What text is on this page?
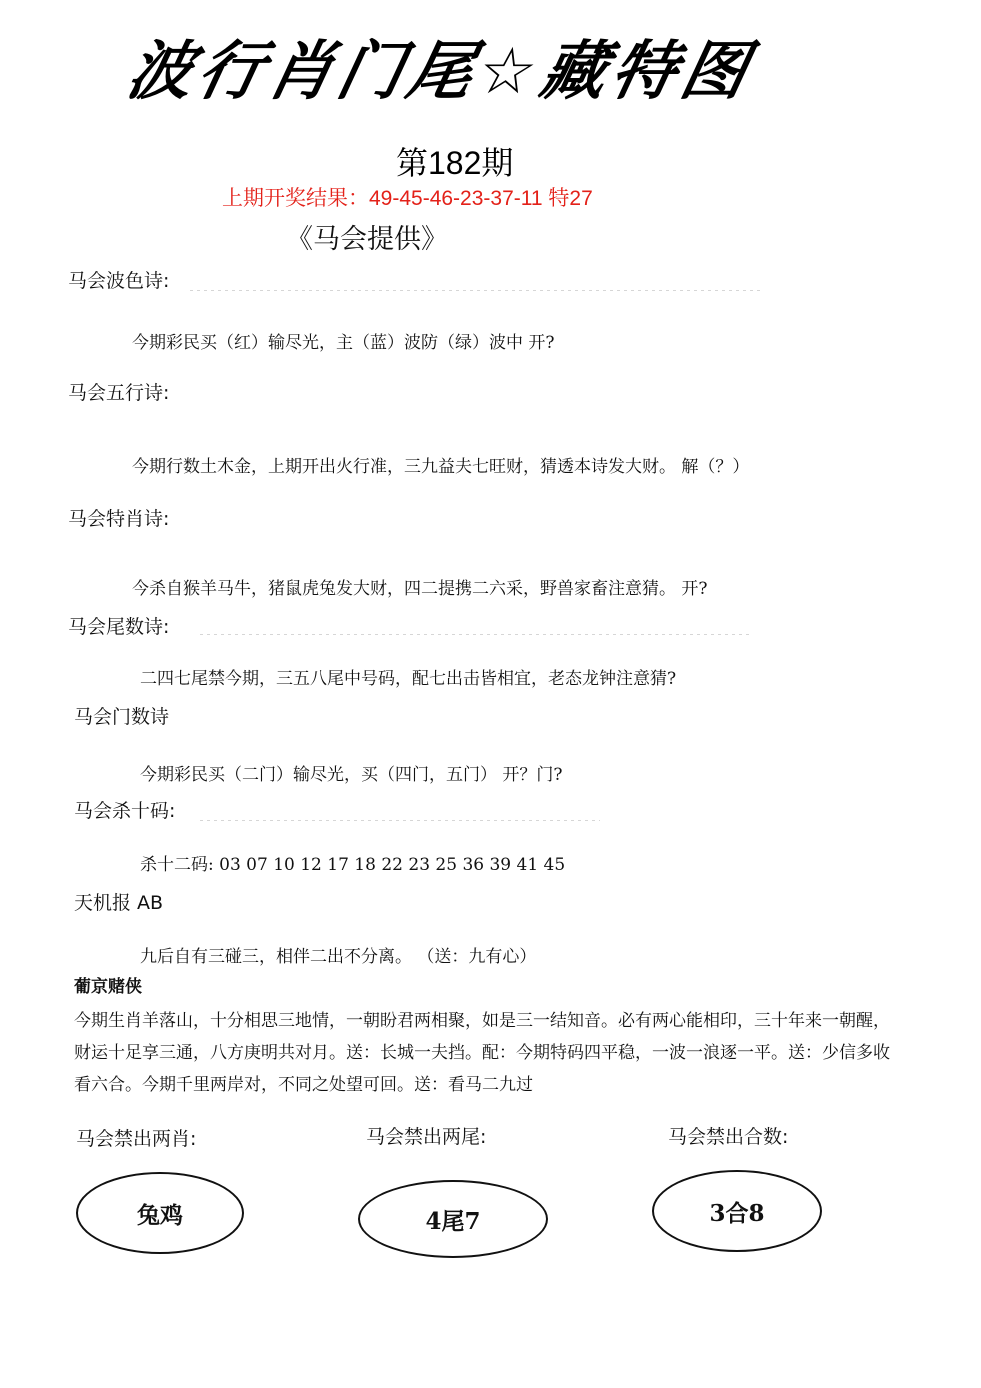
波行肖门尾☆藏特图
第182期
上期开奖结果：49-45-46-23-37-11 特27
《马会提供》
马会波色诗:
今期彩民买（红）输尽光，主（蓝）波防（绿）波中 开?
马会五行诗:
今期行数土木金，上期开出火行准，三九益夫七旺财，猜透本诗发大财。 解（？）
马会特肖诗:
今杀自猴羊马牛，猪鼠虎兔发大财，四二提携二六采，野兽家畜注意猜。 开?
马会尾数诗:
二四七尾禁今期，三五八尾中号码，配七出击皆相宜，老态龙钟注意猜?
马会门数诗
今期彩民买（二门）输尽光，买（四门，五门） 开？门?
马会杀十码:
杀十二码: 03 07 10 12 17 18 22 23 25 36 39 41 45
天机报 AB
九后自有三碰三，相伴二出不分离。 （送：九有心）
葡京赌侠
今期生肖羊落山，十分相思三地情，一朝盼君两相聚，如是三一结知音。必有两心能相印，三十年来一朝醒，财运十足享三通，八方庚明共对月。送：长城一夫挡。配：今期特码四平稳，一波一浪逐一平。送：少信多收看六合。今期千里两岸对，不同之处望可回。送：看马二九过
马会禁出两肖:	马会禁出两尾:	马会禁出合数:
兔鸡	4尾7	3合8
